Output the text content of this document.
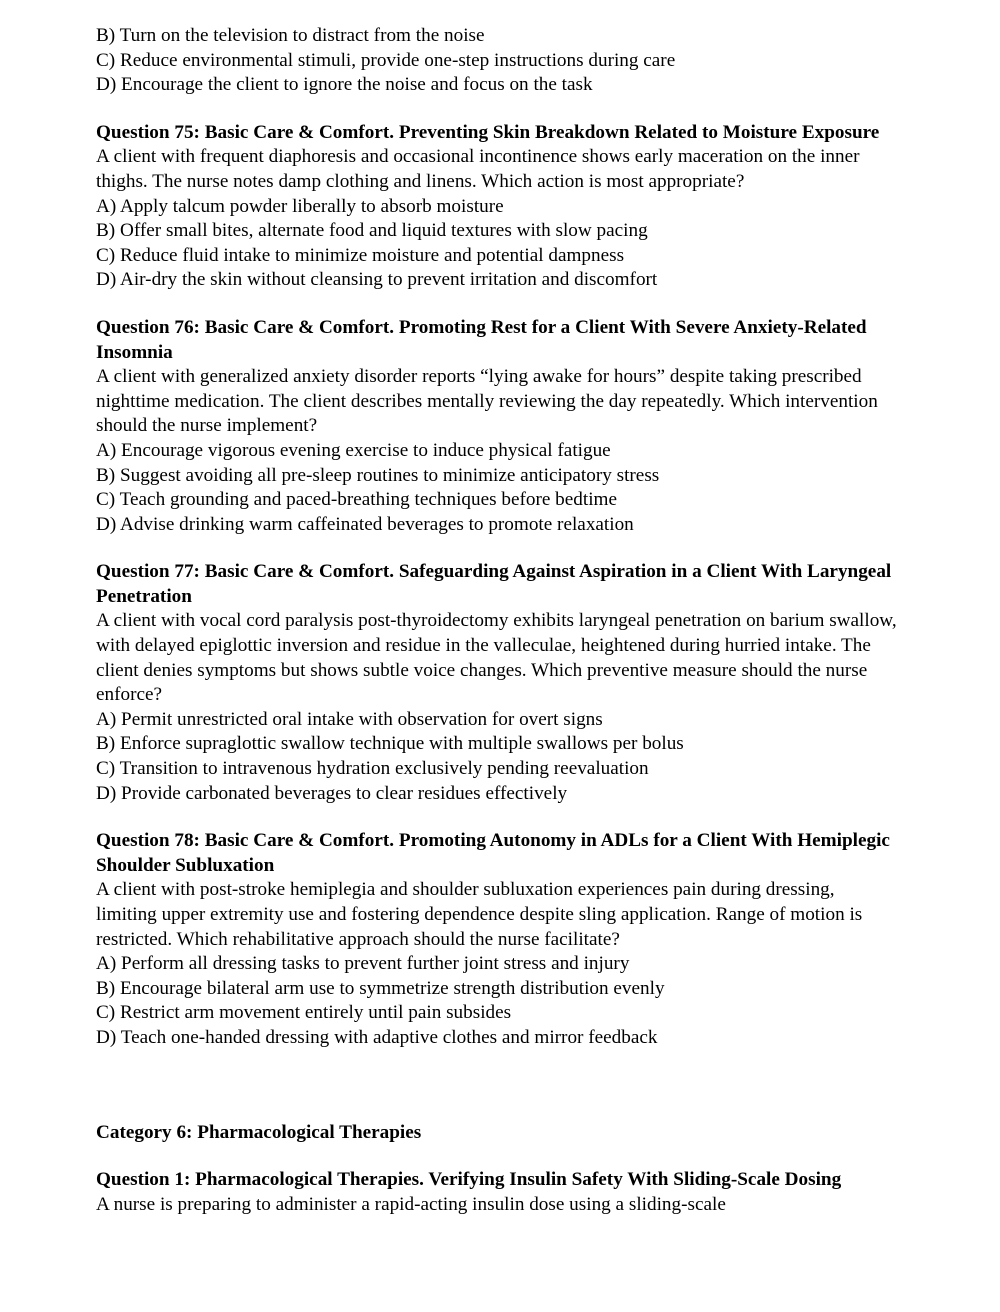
B) Turn on the television to distract from the noise
C) Reduce environmental stimuli, provide one-step instructions during care
D) Encourage the client to ignore the noise and focus on the task
Question 75: Basic Care & Comfort. Preventing Skin Breakdown Related to Moisture Exposure
A client with frequent diaphoresis and occasional incontinence shows early maceration on the inner thighs. The nurse notes damp clothing and linens. Which action is most appropriate?
A) Apply talcum powder liberally to absorb moisture
B) Offer small bites, alternate food and liquid textures with slow pacing
C) Reduce fluid intake to minimize moisture and potential dampness
D) Air-dry the skin without cleansing to prevent irritation and discomfort
Question 76: Basic Care & Comfort. Promoting Rest for a Client With Severe Anxiety-Related Insomnia
A client with generalized anxiety disorder reports “lying awake for hours” despite taking prescribed nighttime medication. The client describes mentally reviewing the day repeatedly. Which intervention should the nurse implement?
A) Encourage vigorous evening exercise to induce physical fatigue
B) Suggest avoiding all pre-sleep routines to minimize anticipatory stress
C) Teach grounding and paced-breathing techniques before bedtime
D) Advise drinking warm caffeinated beverages to promote relaxation
Question 77: Basic Care & Comfort. Safeguarding Against Aspiration in a Client With Laryngeal Penetration
A client with vocal cord paralysis post-thyroidectomy exhibits laryngeal penetration on barium swallow, with delayed epiglottic inversion and residue in the valleculae, heightened during hurried intake. The client denies symptoms but shows subtle voice changes. Which preventive measure should the nurse enforce?
A) Permit unrestricted oral intake with observation for overt signs
B) Enforce supraglottic swallow technique with multiple swallows per bolus
C) Transition to intravenous hydration exclusively pending reevaluation
D) Provide carbonated beverages to clear residues effectively
Question 78: Basic Care & Comfort. Promoting Autonomy in ADLs for a Client With Hemiplegic Shoulder Subluxation
A client with post-stroke hemiplegia and shoulder subluxation experiences pain during dressing, limiting upper extremity use and fostering dependence despite sling application. Range of motion is restricted. Which rehabilitative approach should the nurse facilitate?
A) Perform all dressing tasks to prevent further joint stress and injury
B) Encourage bilateral arm use to symmetrize strength distribution evenly
C) Restrict arm movement entirely until pain subsides
D) Teach one-handed dressing with adaptive clothes and mirror feedback
Category 6: Pharmacological Therapies
Question 1: Pharmacological Therapies. Verifying Insulin Safety With Sliding-Scale Dosing
A nurse is preparing to administer a rapid-acting insulin dose using a sliding-scale
